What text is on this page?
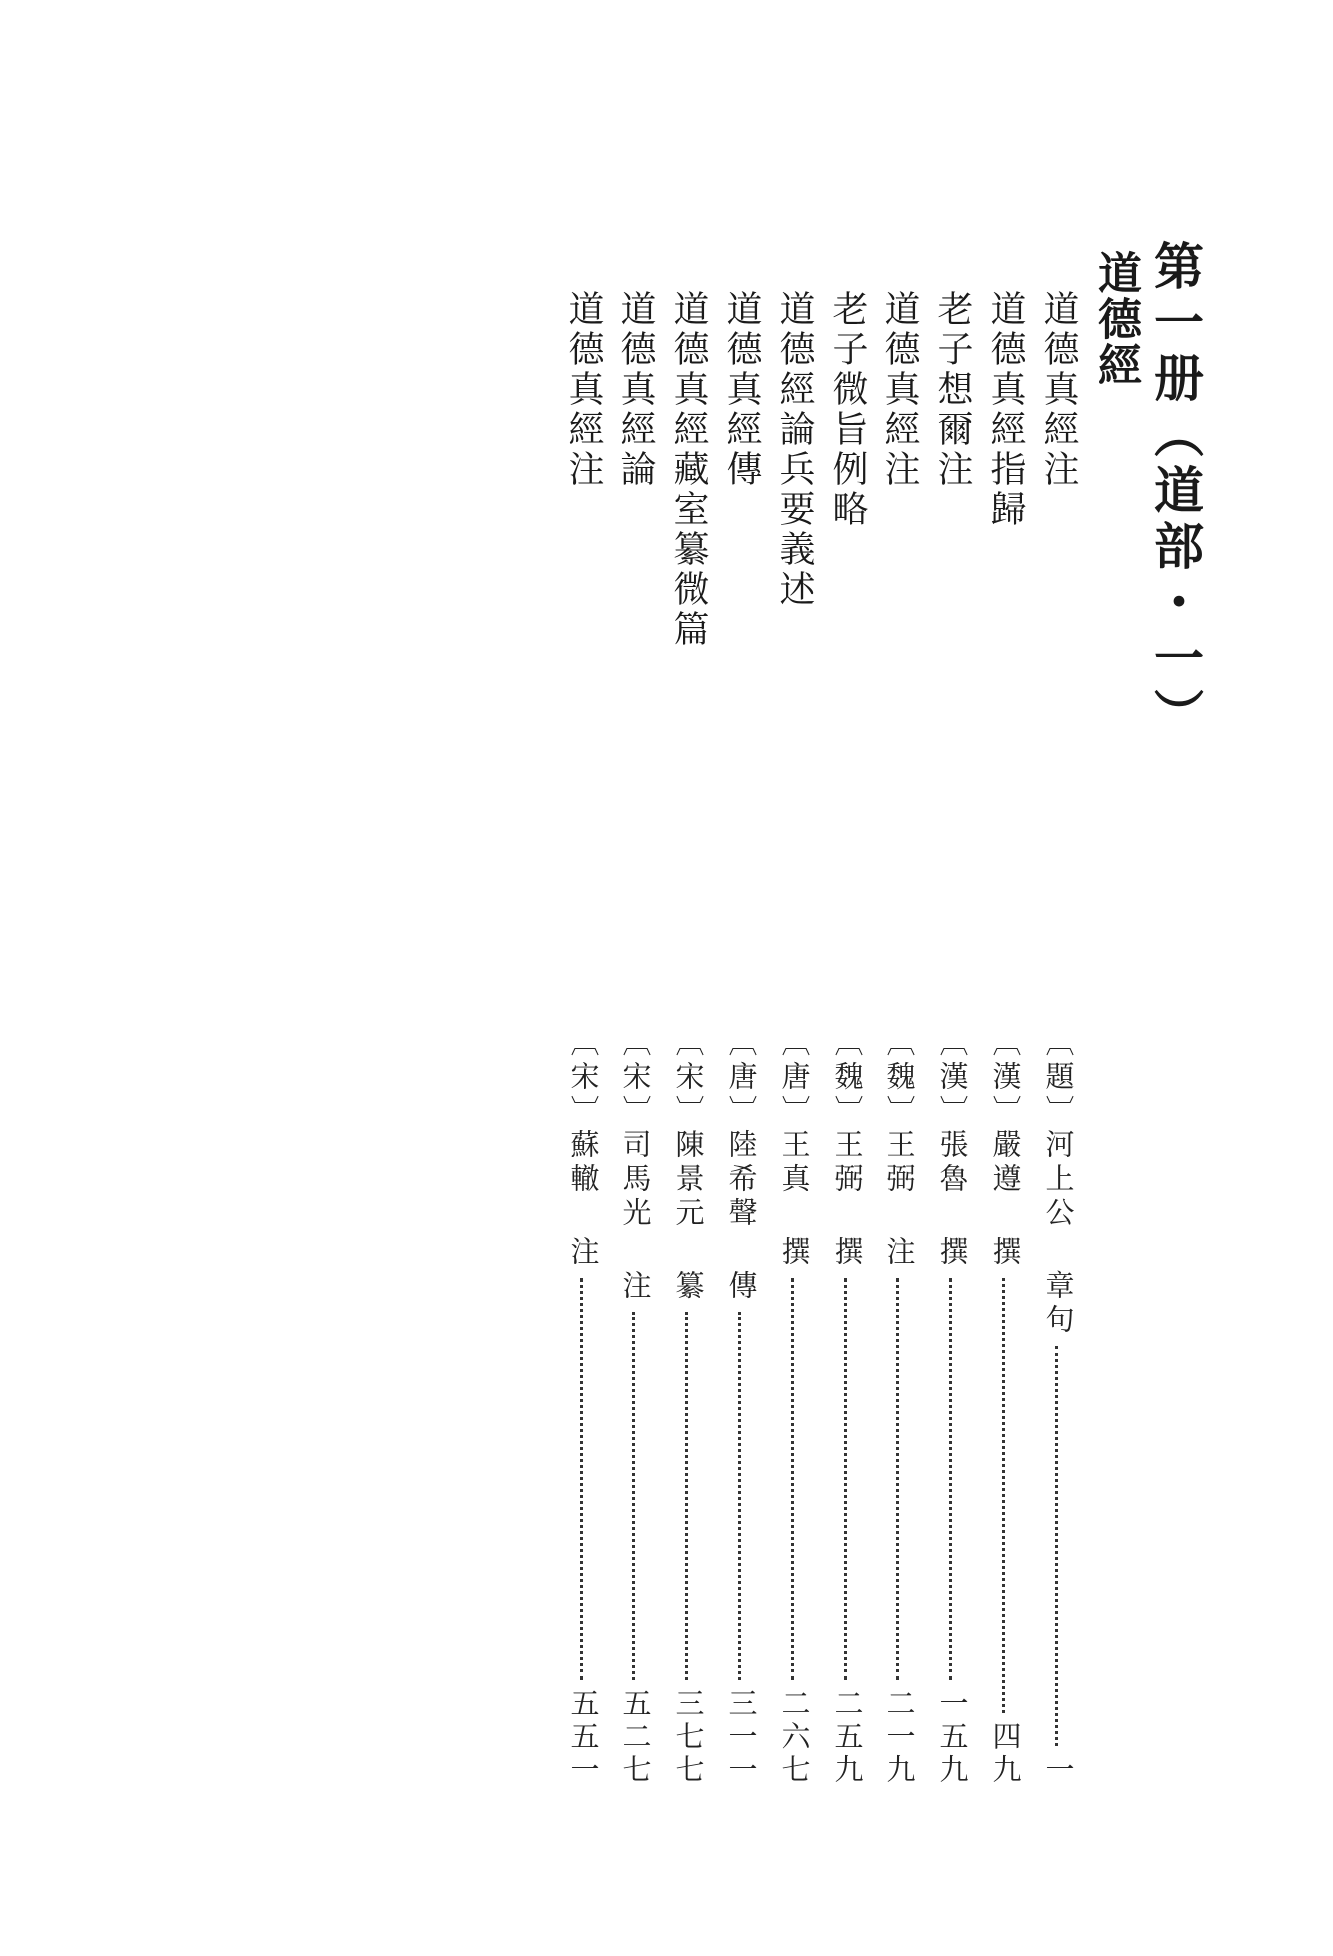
第一册（道部・一）
道德經
道德真經注
〔題〕河上公 章句
一
道德真經指歸
〔漢〕嚴遵 撰
四九
老子想爾注
〔漢〕張魯 撰
一五九
道德真經注
〔魏〕王弼 注
二一九
老子微旨例略
〔魏〕王弼 撰
二五九
道德經論兵要義述
〔唐〕王真 撰
二六七
道德真經傳
〔唐〕陸希聲 傳
三一一
道德真經藏室纂微篇
〔宋〕陳景元 纂
三七七
道德真經論
〔宋〕司馬光 注
五二七
道德真經注
〔宋〕蘇轍 注
五五一
